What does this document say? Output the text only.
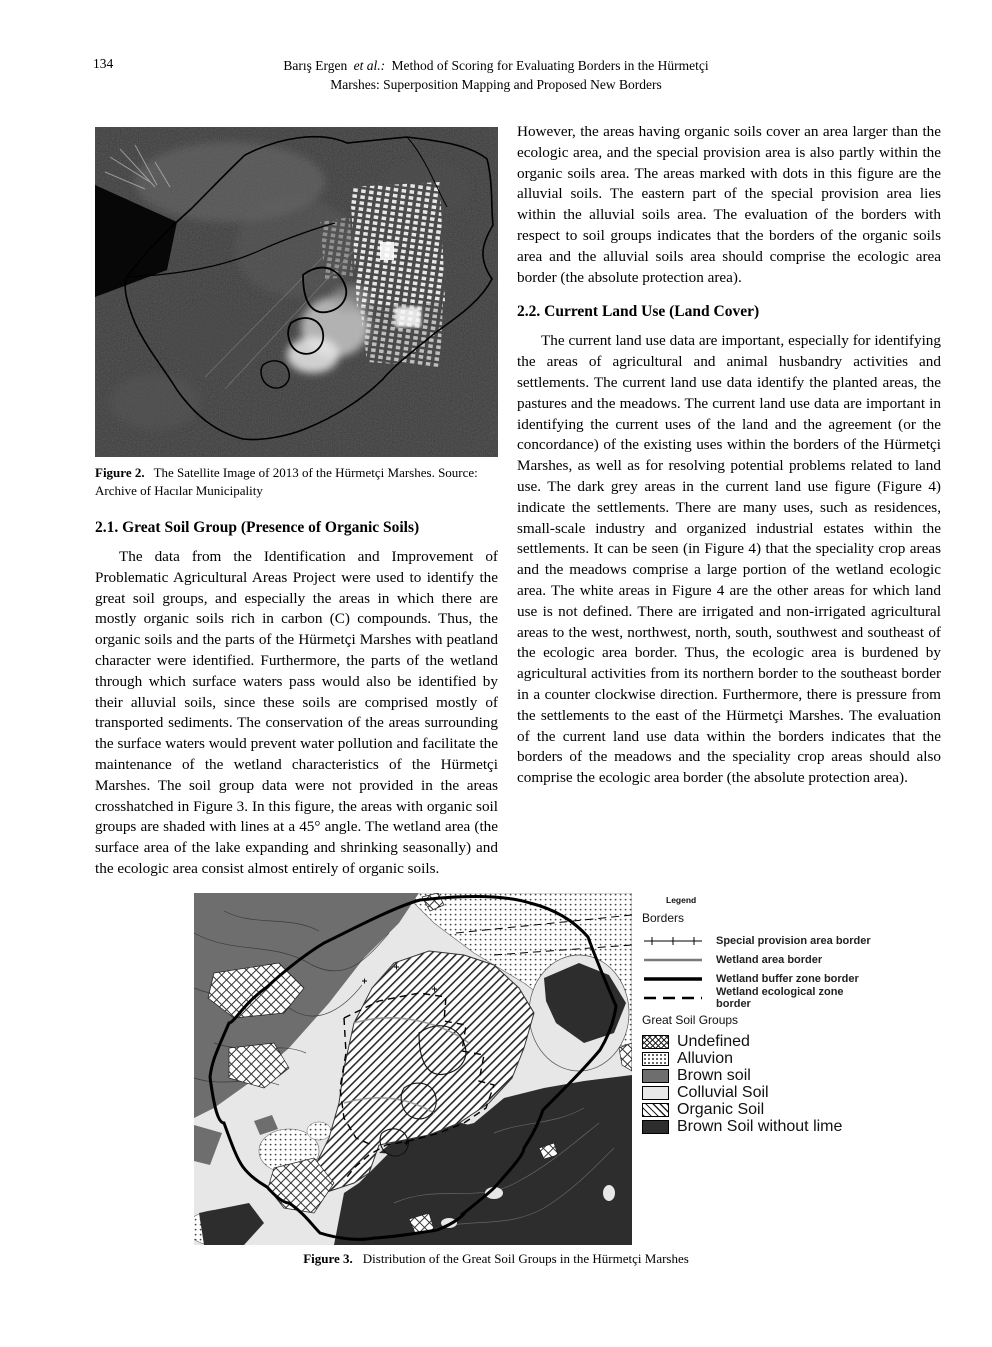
134	Barış Ergen et al.: Method of Scoring for Evaluating Borders in the Hürmetçi
Marshes: Superposition Mapping and Proposed New Borders
Figure 2. The Satellite Image of 2013 of the Hürmetçi Marshes. Source: Archive of Hacılar Municipality
2.1. Great Soil Group (Presence of Organic Soils)

The data from the Identification and Improvement of Problematic Agricultural Areas Project were used to identify the great soil groups, and especially the areas in which there are mostly organic soils rich in carbon (C) compounds. Thus, the organic soils and the parts of the Hürmetçi Marshes with peatland character were identified. Furthermore, the parts of the wetland through which surface waters pass would also be identified by their alluvial soils, since these soils are comprised mostly of transported sediments. The conservation of the areas surrounding the surface waters would prevent water pollution and facilitate the maintenance of the wetland characteristics of the Hürmetçi Marshes. The soil group data were not provided in the areas crosshatched in Figure 3. In this figure, the areas with organic soil groups are shaded with lines at a 45° angle. The wetland area (the surface area of the lake expanding and shrinking seasonally) and the ecologic area consist almost entirely of organic soils.

However, the areas having organic soils cover an area larger than the ecologic area, and the special provision area is also partly within the organic soils area. The areas marked with dots in this figure are the alluvial soils. The eastern part of the special provision area lies within the alluvial soils area. The evaluation of the borders with respect to soil groups indicates that the borders of the organic soils area and the alluvial soils area should comprise the ecologic area border (the absolute protection area).

2.2. Current Land Use (Land Cover)

The current land use data are important, especially for identifying the areas of agricultural and animal husbandry activities and settlements. The current land use data identify the planted areas, the pastures and the meadows. The current land use data are important in identifying the current uses of the land and the agreement (or the concordance) of the existing uses within the borders of the Hürmetçi Marshes, as well as for resolving potential problems related to land use. The dark grey areas in the current land use figure (Figure 4) indicate the settlements. There are many uses, such as residences, small-scale industry and organized industrial estates within the settlements. It can be seen (in Figure 4) that the speciality crop areas and the meadows comprise a large portion of the wetland ecologic area. The white areas in Figure 4 are the other areas for which land use is not defined. There are irrigated and non-irrigated agricultural areas to the west, northwest, north, south, southwest and southeast of the ecologic area border. Thus, the ecologic area is burdened by agricultural activities from its northern border to the southeast border in a counter clockwise direction. Furthermore, there is pressure from the settlements to the east of the Hürmetçi Marshes. The evaluation of the current land use data within the borders indicates that the borders of the meadows and the speciality crop areas should also comprise the ecologic area border (the absolute protection area).

Legend
Borders
Special provision area border
Wetland area border
Wetland buffer zone border
Wetland ecological zone border
Great Soil Groups
Undefined
Alluvion
Brown soil
Colluvial Soil
Organic Soil
Brown Soil without lime
Figure 3. Distribution of the Great Soil Groups in the Hürmetçi Marshes
